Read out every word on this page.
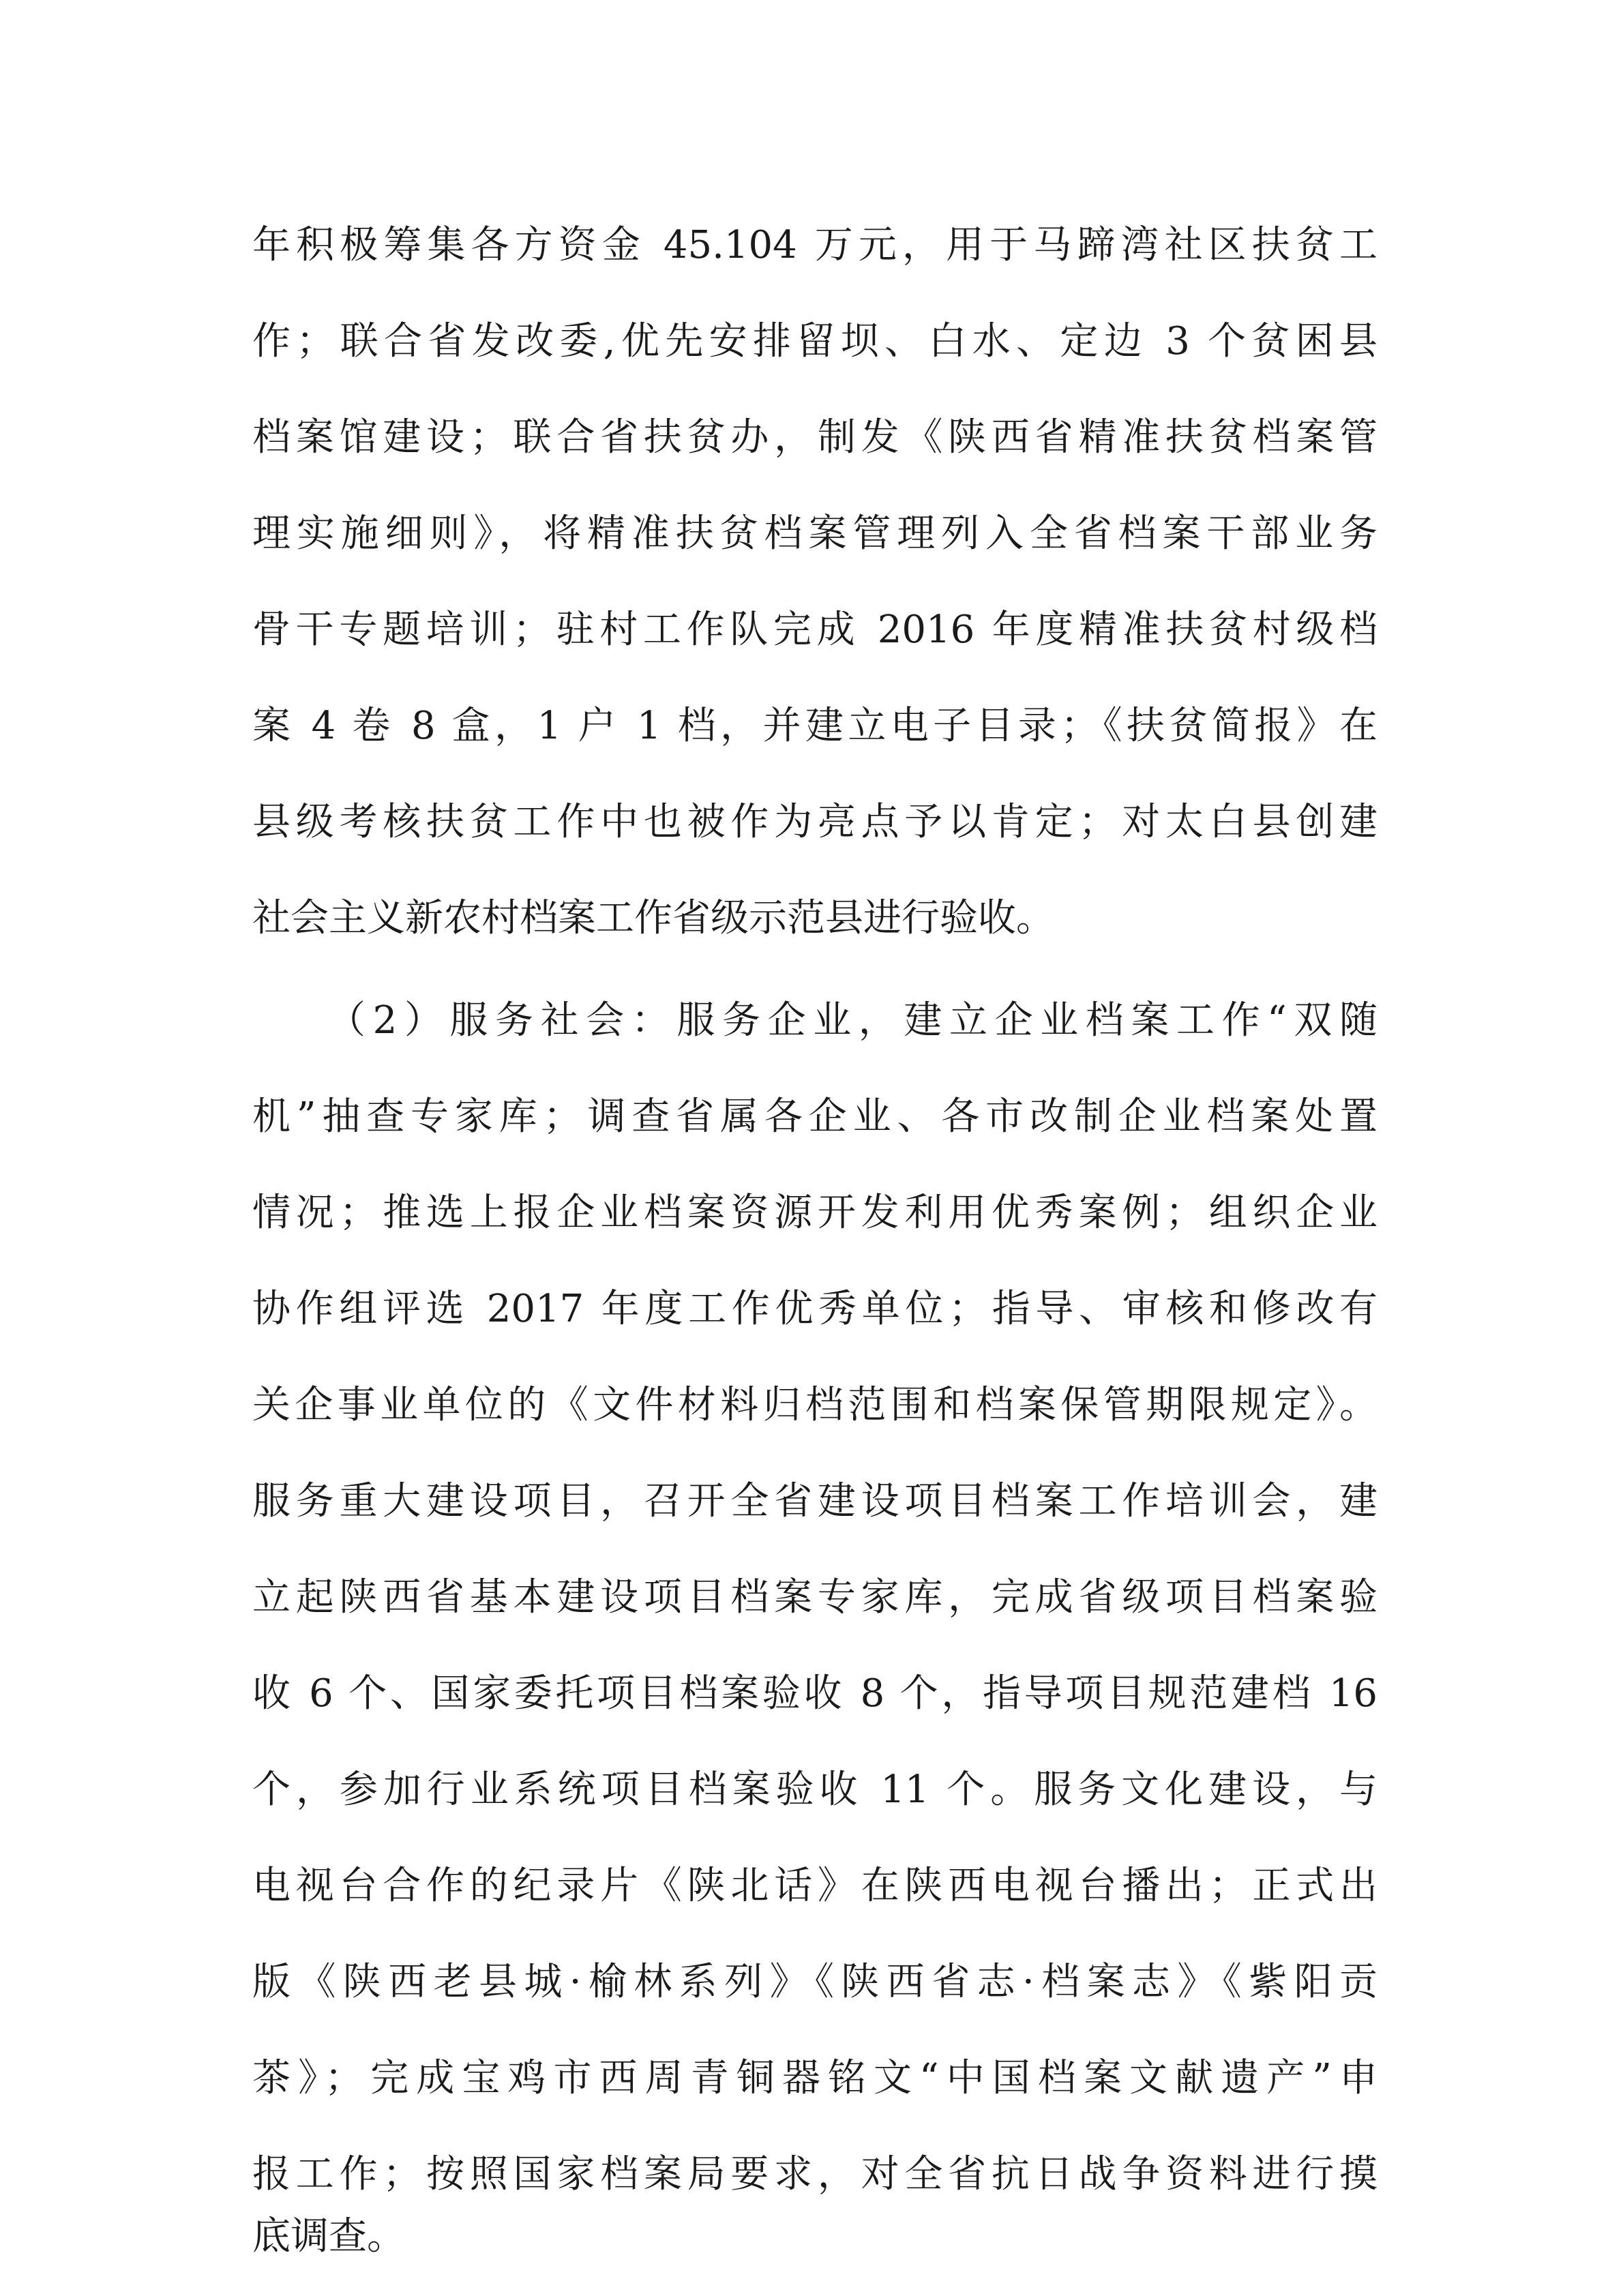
年积极筹集各方资金 45.104 万元，用于马蹄湾社区扶贫工
作；联合省发改委,优先安排留坝、白水、定边 3 个贫困县
档案馆建设；联合省扶贫办，制发《陕西省精准扶贫档案管
理实施细则》，将精准扶贫档案管理列入全省档案干部业务
骨干专题培训；驻村工作队完成 2016 年度精准扶贫村级档
案 4 卷 8 盒，1 户 1 档，并建立电子目录；《扶贫简报》在
县级考核扶贫工作中也被作为亮点予以肯定；对太白县创建
社会主义新农村档案工作省级示范县进行验收。
（2）服务社会：服务企业，建立企业档案工作“双随
机”抽查专家库；调查省属各企业、各市改制企业档案处置
情况；推选上报企业档案资源开发利用优秀案例；组织企业
协作组评选 2017 年度工作优秀单位；指导、审核和修改有
关企事业单位的《文件材料归档范围和档案保管期限规定》。
服务重大建设项目，召开全省建设项目档案工作培训会，建
立起陕西省基本建设项目档案专家库，完成省级项目档案验
收 6 个、国家委托项目档案验收 8 个，指导项目规范建档 16
个，参加行业系统项目档案验收 11 个。服务文化建设，与
电视台合作的纪录片《陕北话》在陕西电视台播出；正式出
版《陕西老县城·榆林系列》《陕西省志·档案志》《紫阳贡
茶》；完成宝鸡市西周青铜器铭文“中国档案文献遗产”申
报工作；按照国家档案局要求，对全省抗日战争资料进行摸
底调查。
